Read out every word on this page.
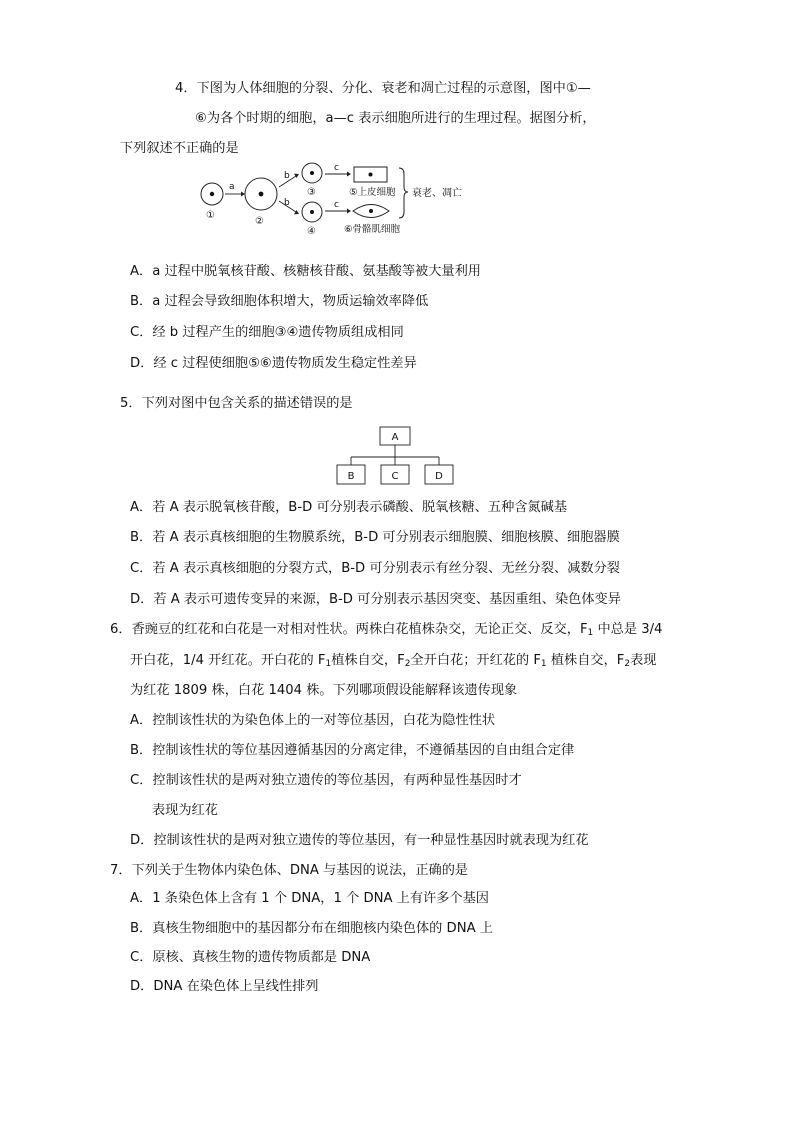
4．下图为人体细胞的分裂、分化、衰老和凋亡过程的示意图，图中①—
⑥为各个时期的细胞，a—c 表示细胞所进行的生理过程。据图分析，
下列叙述不正确的是
①
a
②
b
b
③
④
c
c
⑤上皮细胞
⑥骨骼肌细胞
衰老、凋亡
A．a 过程中脱氧核苷酸、核糖核苷酸、氨基酸等被大量利用
B．a 过程会导致细胞体积增大，物质运输效率降低
C．经 b 过程产生的细胞③④遗传物质组成相同
D．经 c 过程使细胞⑤⑥遗传物质发生稳定性差异
5．下列对图中包含关系的描述错误的是
A
B	C	D
A．若 A 表示脱氧核苷酸，B-D 可分别表示磷酸、脱氧核糖、五种含氮碱基
B．若 A 表示真核细胞的生物膜系统，B-D 可分别表示细胞膜、细胞核膜、细胞器膜
C．若 A 表示真核细胞的分裂方式，B-D 可分别表示有丝分裂、无丝分裂、减数分裂
D．若 A 表示可遗传变异的来源，B-D 可分别表示基因突变、基因重组、染色体变异
6．香豌豆的红花和白花是一对相对性状。两株白花植株杂交，无论正交、反交，$F_1$ 中总是 3/4
开白花，1/4 开红花。开白花的 $F_1$植株自交，$F_2$全开白花；开红花的 $F_1$ 植株自交，$F_2$表现
为红花 1809 株，白花 1404 株。下列哪项假设能解释该遗传现象
A．控制该性状的为染色体上的一对等位基因，白花为隐性性状
B．控制该性状的等位基因遵循基因的分离定律，不遵循基因的自由组合定律
C．控制该性状的是两对独立遗传的等位基因，有两种显性基因时才
表现为红花
D．控制该性状的是两对独立遗传的等位基因，有一种显性基因时就表现为红花
7．下列关于生物体内染色体、DNA 与基因的说法，正确的是
A．1 条染色体上含有 1 个 DNA，1 个 DNA 上有许多个基因
B．真核生物细胞中的基因都分布在细胞核内染色体的 DNA 上
C．原核、真核生物的遗传物质都是 DNA
D．DNA 在染色体上呈线性排列
